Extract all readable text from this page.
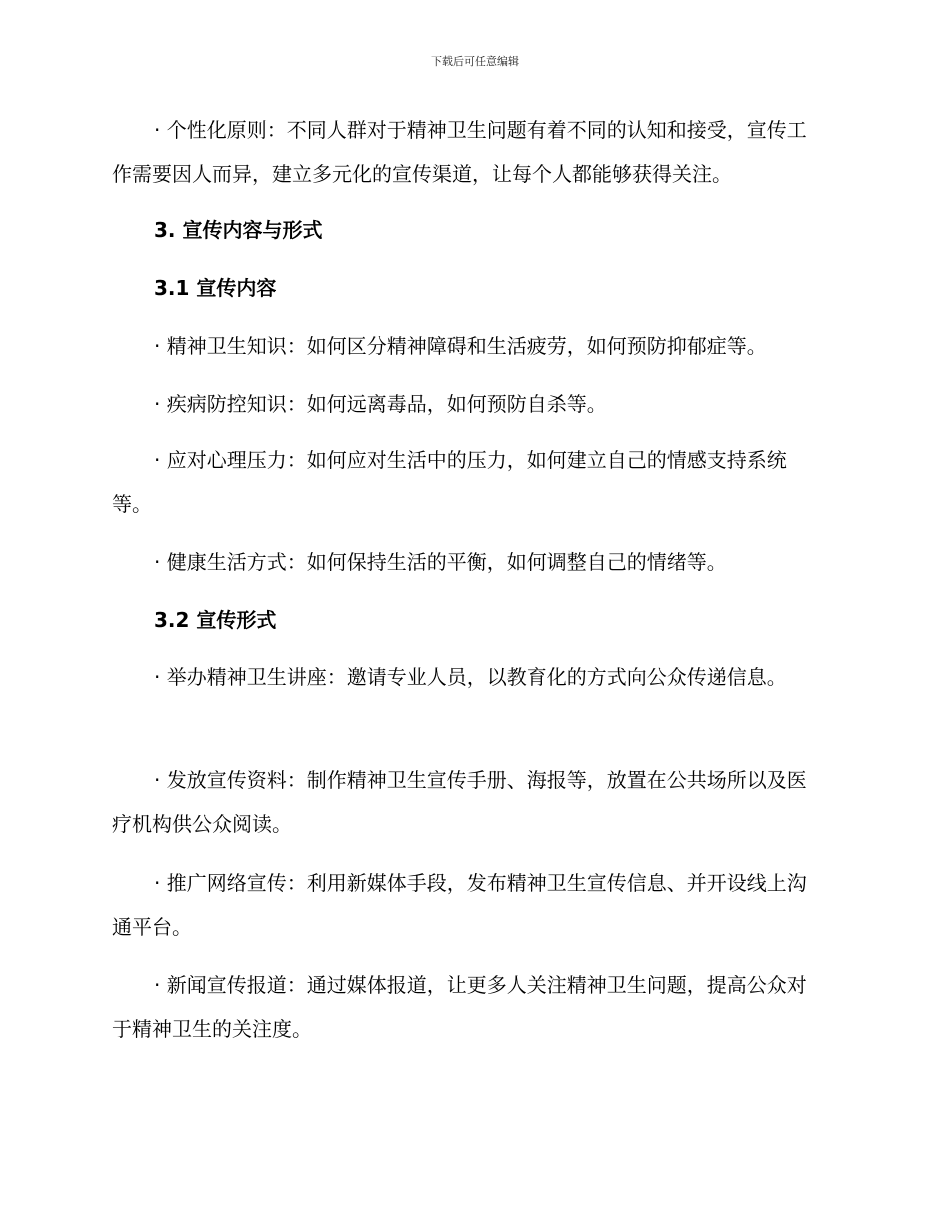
下载后可任意编辑

· 个性化原则：不同人群对于精神卫生问题有着不同的认知和接受，宣传工作需要因人而异，建立多元化的宣传渠道，让每个人都能够获得关注。

3. 宣传内容与形式
3.1 宣传内容

· 精神卫生知识：如何区分精神障碍和生活疲劳，如何预防抑郁症等。

· 疾病防控知识：如何远离毒品，如何预防自杀等。

· 应对心理压力：如何应对生活中的压力，如何建立自己的情感支持系统等。

· 健康生活方式：如何保持生活的平衡，如何调整自己的情绪等。

3.2 宣传形式

· 举办精神卫生讲座：邀请专业人员，以教育化的方式向公众传递信息。

· 发放宣传资料：制作精神卫生宣传手册、海报等，放置在公共场所以及医疗机构供公众阅读。

· 推广网络宣传：利用新媒体手段，发布精神卫生宣传信息、并开设线上沟通平台。

· 新闻宣传报道：通过媒体报道，让更多人关注精神卫生问题，提高公众对于精神卫生的关注度。
